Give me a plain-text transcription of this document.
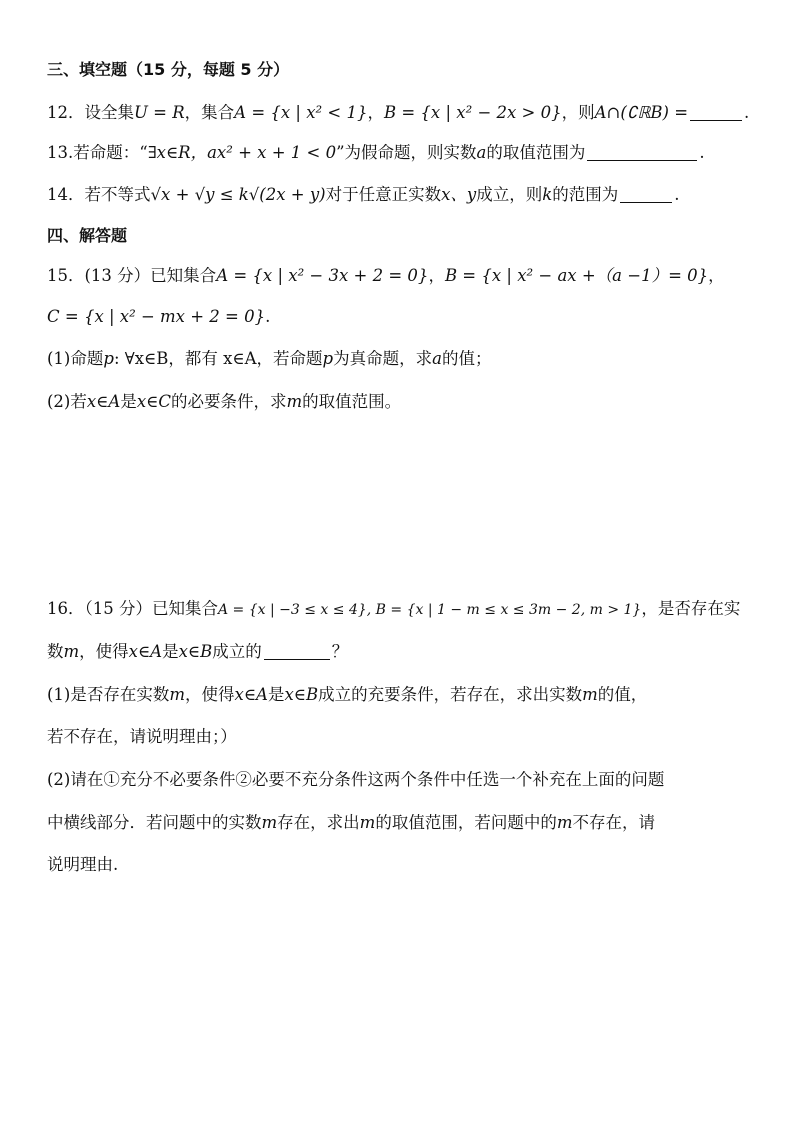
三、填空题（15 分，每题 5 分）
12．设全集U = R，集合A = {x | x² < 1}，B = {x | x² − 2x > 0}，则A∩(∁ℝB) =	.
13.若命题：“∃x∈R，ax² + x + 1 < 0”为假命题，则实数a的取值范围为	.
14．若不等式√x + √y ≤ k√(2x + y)对于任意正实数x、y成立，则k的范围为	.
四、解答题
15．(13 分）已知集合A = {x | x² − 3x + 2 = 0}，B = {x | x² − ax +（a −1）= 0}，
C = {x | x² − mx + 2 = 0}.
(1)命题p: ∀x∈B，都有 x∈A，若命题p为真命题，求a的值；
(2)若x∈A是x∈C的必要条件，求m的取值范围。
16．（15 分）已知集合A = {x | −3 ≤ x ≤ 4}, B = {x | 1 − m ≤ x ≤ 3m − 2, m > 1}，是否存在实
数m，使得x∈A是x∈B成立的	？
(1)是否存在实数m，使得x∈A是x∈B成立的充要条件，若存在，求出实数m的值，
若不存在，请说明理由；）
(2)请在①充分不必要条件②必要不充分条件这两个条件中任选一个补充在上面的问题
中横线部分．若问题中的实数m存在，求出m的取值范围，若问题中的m不存在，请
说明理由.
